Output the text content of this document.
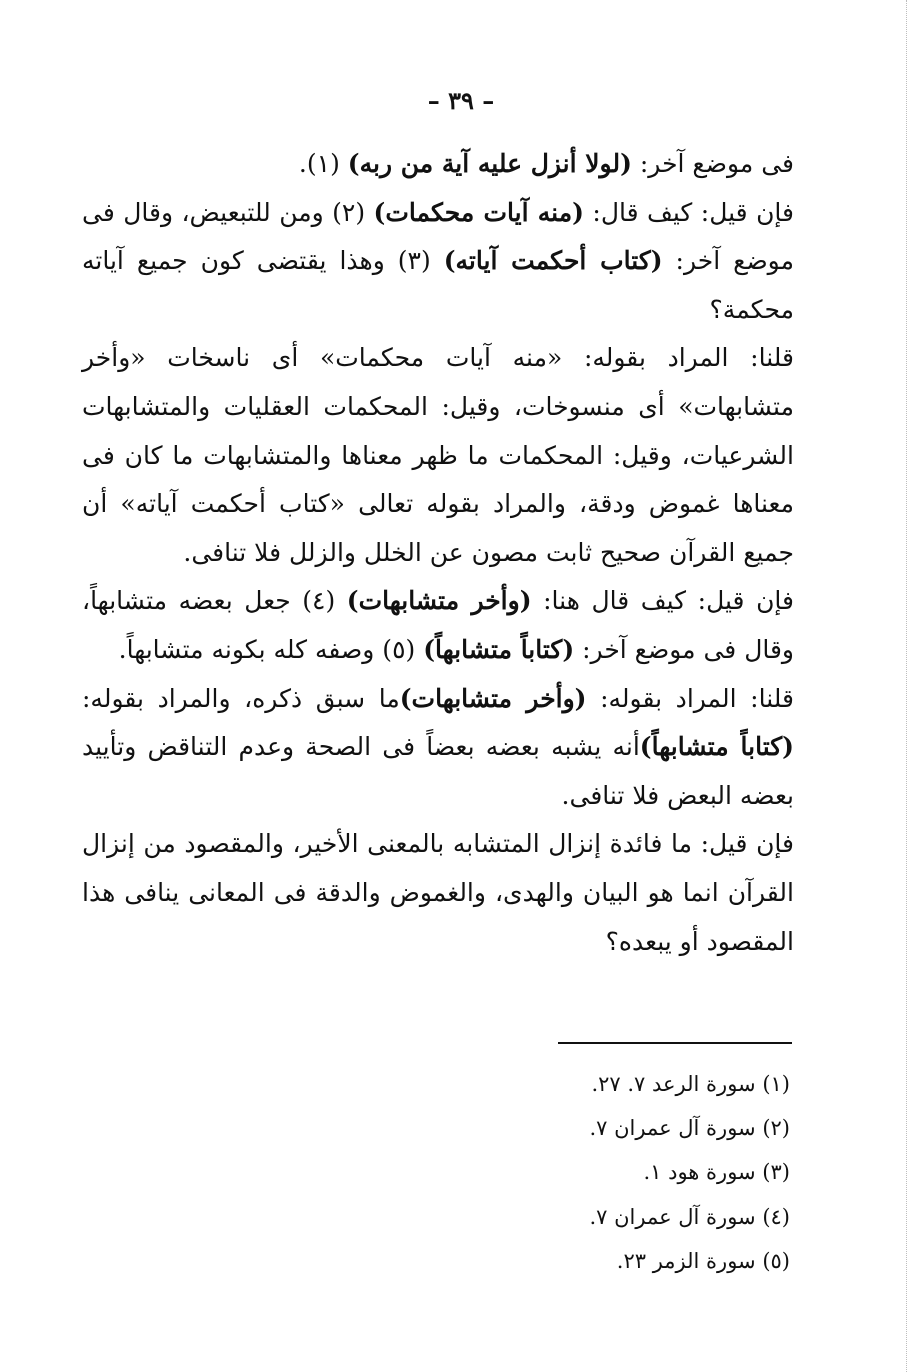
– ٣٩ –

فى موضع آخر: (لولا أنزل عليه آية من ربه) (١).

فإن قيل: كيف قال: (منه آيات محكمات) (٢) ومن للتبعيض، وقال فى موضع آخر: (كتاب أحكمت آياته) (٣) وهذا يقتضى كون جميع آياته محكمة؟

قلنا: المراد بقوله: «منه آيات محكمات» أى ناسخات «وأخر متشابهات» أى منسوخات، وقيل: المحكمات العقليات والمتشابهات الشرعيات، وقيل: المحكمات ما ظهر معناها والمتشابهات ما كان فى معناها غموض ودقة، والمراد بقوله تعالى «كتاب أحكمت آياته» أن جميع القرآن صحيح ثابت مصون عن الخلل والزلل فلا تنافى.

فإن قيل: كيف قال هنا: (وأخر متشابهات) (٤) جعل بعضه متشابهاً، وقال فى موضع آخر: (كتاباً متشابهاً) (٥) وصفه كله بكونه متشابهاً.

قلنا: المراد بقوله: (وأخر متشابهات)ما سبق ذكره، والمراد بقوله: (كتاباً متشابهاً)أنه يشبه بعضه بعضاً فى الصحة وعدم التناقض وتأييد بعضه البعض فلا تنافى.

فإن قيل: ما فائدة إنزال المتشابه بالمعنى الأخير، والمقصود من إنزال القرآن انما هو البيان والهدى، والغموض والدقة فى المعانى ينافى هذا المقصود أو يبعده؟

(١) سورة الرعد ٧. ٢٧.
(٢) سورة آل عمران ٧.
(٣) سورة هود ١.
(٤) سورة آل عمران ٧.
(٥) سورة الزمر ٢٣.
